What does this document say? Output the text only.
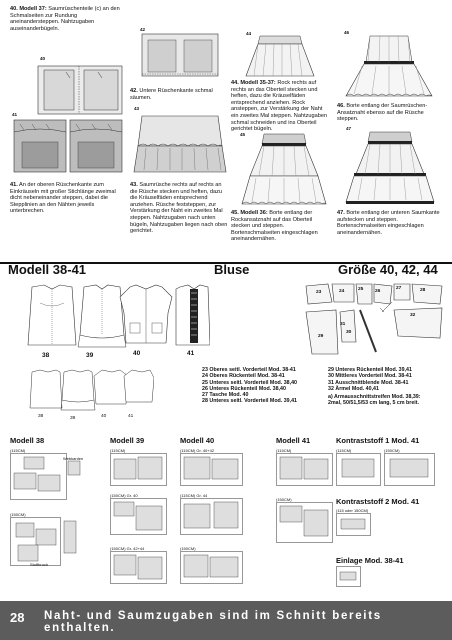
40. Modell 37: Saumrüschenteile (c) an den Schmalseiten zur Rundung aneinandersteppen. Nahtzugaben auseinanderbügeln.
41. An der oberen Rüschenkante zum Einkräuseln mit großer Stichlänge zweimal dicht nebeneinander steppen, dabei die Stepplinien an den Nähten jeweils unterbrechen.
42. Untere Rüschenkante schmal säumen.
43. Saumrüsche rechts auf rechts an die Rüsche stecken und heften, dazu die Kräuselfäden entsprechend anziehen. Rüsche feststeppen, zur Verstärkung der Naht ein zweites Mal steppen. Nahtzugaben nach unten bügeln, Nahtzugaben liegen nach oben gerichtet.
44. Modell 35-37: Rock rechts auf rechts an das Oberteil stecken und heften, dazu die Kräuselfäden entsprechend anziehen. Rock ansteppen, zur Verstärkung der Naht ein zweites Mal steppen. Nahtzugaben schmal schneiden und ins Oberteil gerichtet bügeln.
45. Modell 36: Borte entlang der Rockansatznaht auf das Oberteil stecken und steppen. Bortenschmalseiten eingeschlagen aneinandernähen.
46. Borte entlang der Saumrüschen-Ansatznaht ebenso auf die Rüsche steppen.
47. Borte entlang der unteren Saumkante aufstecken und steppen. Bortenschmalseiten eingeschlagen aneinandernähen.
40
41
42
43
44
45
46
47
Modell 38-41	Bluse	Größe 40, 42, 44
38	39	40	41
38	39	40	41
23	24	25 26
27	28
29
30
31
32
23 Oberes seitl. Vorderteil Mod. 38-41
24 Oberes Rückenteil Mod. 38-41
25 Unteres seitl. Vorderteil Mod. 38,40
26 Unteres Rückenteil Mod. 38,40
27 Tasche Mod. 40
28 Unteres seitl. Vorderteil Mod. 39,41
29 Unteres Rückenteil Mod. 39,41
30 Mittleres Vorderteil Mod. 38-41
31 Ausschnittblende Mod. 38-41
32 Ärmel Mod. 40,41
a) Armausschnittstreifen Mod. 38,39:
2mal, 50/51,5/53 cm lang, 5 cm breit.
Modell 38
(115CM)
(150CM)
Modell 39
(115CM)
(150CM) Gr. 40
(150CM) Gr. 42+44
Modell 40
(115CM) Gr. 40+42
(115CM) Gr. 44
(150CM)
Modell 41
(115CM)
(150CM)
Kontraststoff 1 Mod. 41
(115CM)	(150CM)
Kontraststoff 2 Mod. 41
(115 oder 150CM)
Einlage Mod. 38-41
Webkanten
Stoffbruch
28 Naht- und Saumzugaben sind im Schnitt bereits enthalten.
